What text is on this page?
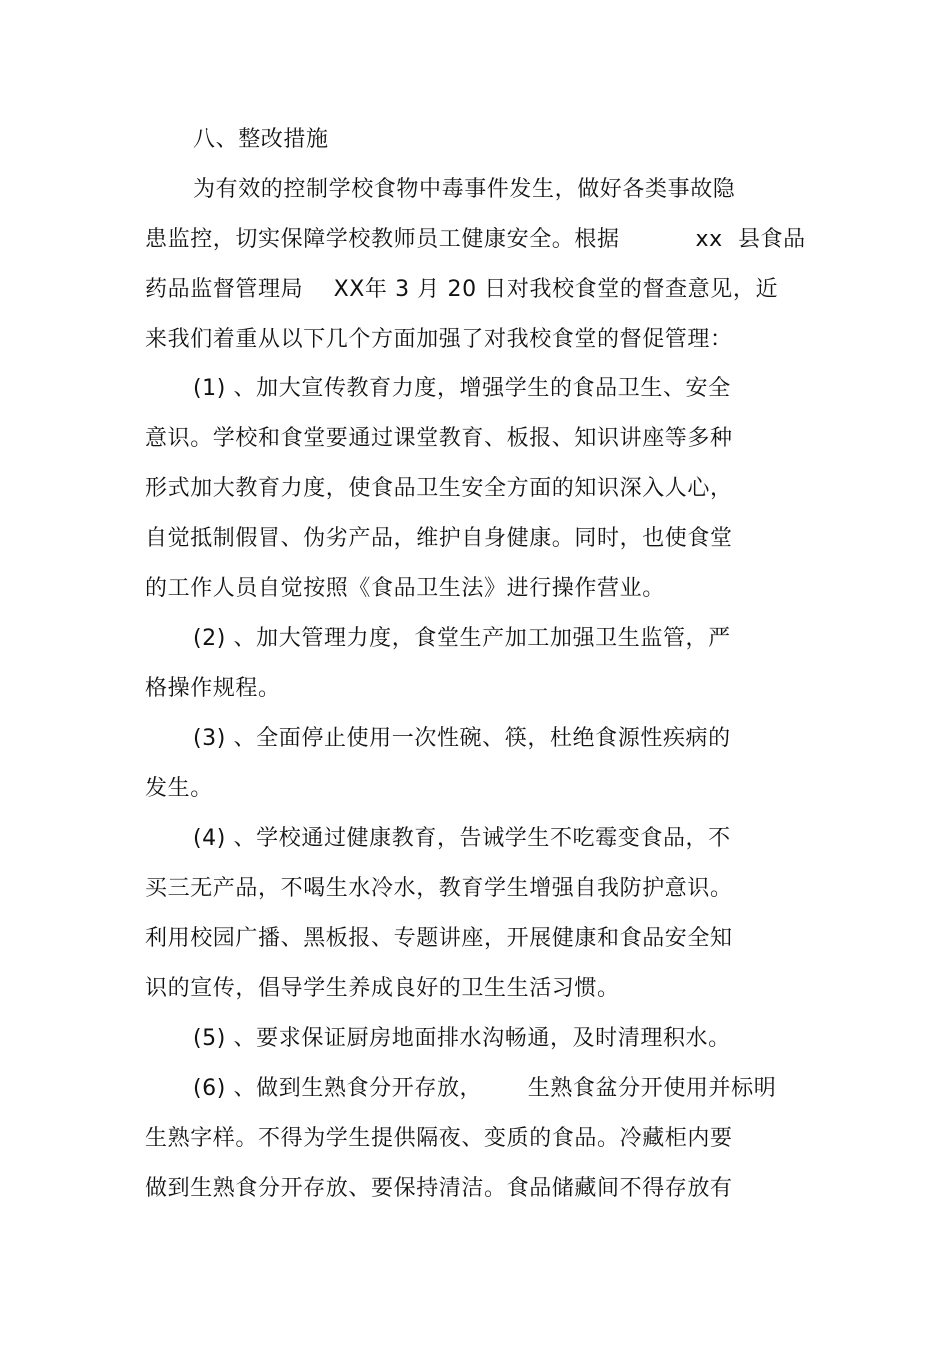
八、整改措施
为有效的控制学校食物中毒事件发生，做好各类事故隐
患监控，切实保障学校教师员工健康安全。根据          xx  县食品
药品监督管理局    XX年 3 月 20 日对我校食堂的督查意见，近
来我们着重从以下几个方面加强了对我校食堂的督促管理：
(1) 、加大宣传教育力度，增强学生的食品卫生、安全
意识。学校和食堂要通过课堂教育、板报、知识讲座等多种
形式加大教育力度，使食品卫生安全方面的知识深入人心，
自觉抵制假冒、伪劣产品，维护自身健康。同时，也使食堂
的工作人员自觉按照《食品卫生法》进行操作营业。
(2) 、加大管理力度，食堂生产加工加强卫生监管，严
格操作规程。
(3) 、全面停止使用一次性碗、筷，杜绝食源性疾病的
发生。
(4) 、学校通过健康教育，告诫学生不吃霉变食品，不
买三无产品，不喝生水冷水，教育学生增强自我防护意识。
利用校园广播、黑板报、专题讲座，开展健康和食品安全知
识的宣传，倡导学生养成良好的卫生生活习惯。
(5) 、要求保证厨房地面排水沟畅通，及时清理积水。
(6) 、做到生熟食分开存放，      生熟食盆分开使用并标明
生熟字样。不得为学生提供隔夜、变质的食品。冷藏柜内要
做到生熟食分开存放、要保持清洁。食品储藏间不得存放有
